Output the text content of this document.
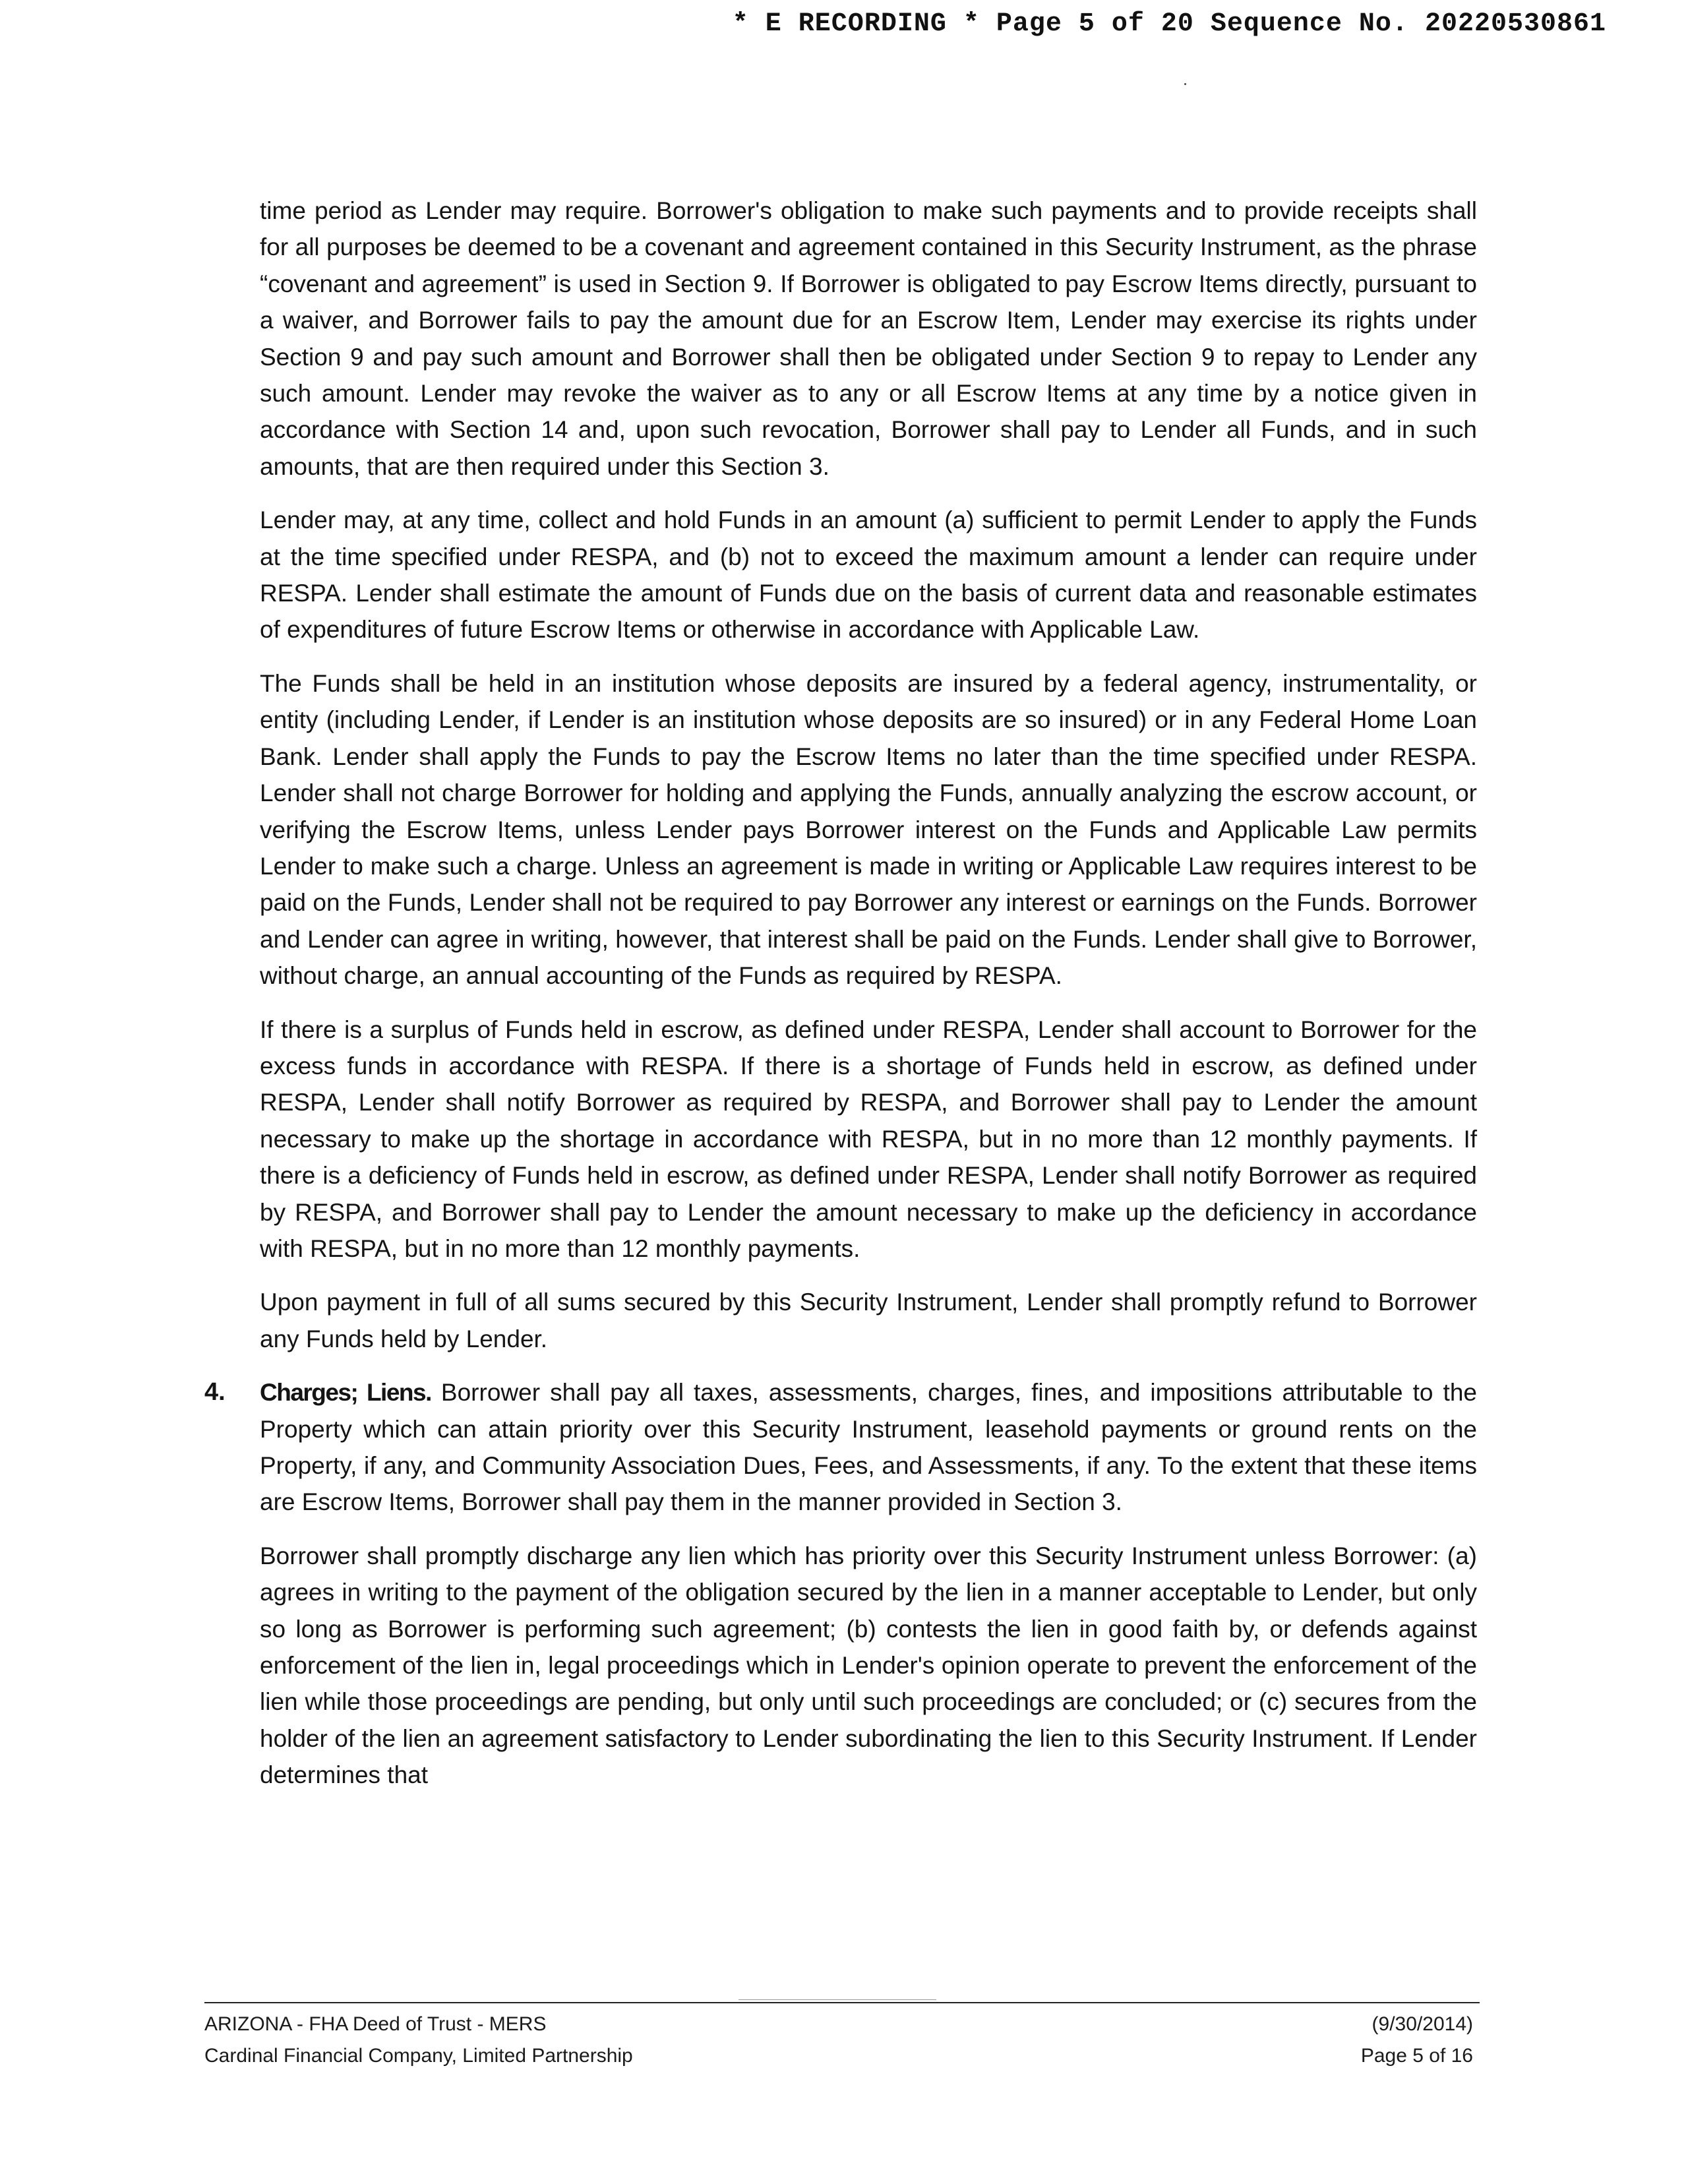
* E RECORDING * Page 5 of 20 Sequence No. 20220530861

time period as Lender may require. Borrower's obligation to make such payments and to provide receipts shall for all purposes be deemed to be a covenant and agreement contained in this Security Instrument, as the phrase “covenant and agreement” is used in Section 9. If Borrower is obligated to pay Escrow Items directly, pursuant to a waiver, and Borrower fails to pay the amount due for an Escrow Item, Lender may exercise its rights under Section 9 and pay such amount and Borrower shall then be obligated under Section 9 to repay to Lender any such amount. Lender may revoke the waiver as to any or all Escrow Items at any time by a notice given in accordance with Section 14 and, upon such revocation, Borrower shall pay to Lender all Funds, and in such amounts, that are then required under this Section 3.

Lender may, at any time, collect and hold Funds in an amount (a) sufficient to permit Lender to apply the Funds at the time specified under RESPA, and (b) not to exceed the maximum amount a lender can require under RESPA. Lender shall estimate the amount of Funds due on the basis of current data and reasonable estimates of expenditures of future Escrow Items or otherwise in accordance with Applicable Law.

The Funds shall be held in an institution whose deposits are insured by a federal agency, instrumentality, or entity (including Lender, if Lender is an institution whose deposits are so insured) or in any Federal Home Loan Bank. Lender shall apply the Funds to pay the Escrow Items no later than the time specified under RESPA. Lender shall not charge Borrower for holding and applying the Funds, annually analyzing the escrow account, or verifying the Escrow Items, unless Lender pays Borrower interest on the Funds and Applicable Law permits Lender to make such a charge. Unless an agreement is made in writing or Applicable Law requires interest to be paid on the Funds, Lender shall not be required to pay Borrower any interest or earnings on the Funds. Borrower and Lender can agree in writing, however, that interest shall be paid on the Funds. Lender shall give to Borrower, without charge, an annual accounting of the Funds as required by RESPA.

If there is a surplus of Funds held in escrow, as defined under RESPA, Lender shall account to Borrower for the excess funds in accordance with RESPA. If there is a shortage of Funds held in escrow, as defined under RESPA, Lender shall notify Borrower as required by RESPA, and Borrower shall pay to Lender the amount necessary to make up the shortage in accordance with RESPA, but in no more than 12 monthly payments. If there is a deficiency of Funds held in escrow, as defined under RESPA, Lender shall notify Borrower as required by RESPA, and Borrower shall pay to Lender the amount necessary to make up the deficiency in accordance with RESPA, but in no more than 12 monthly payments.

Upon payment in full of all sums secured by this Security Instrument, Lender shall promptly refund to Borrower any Funds held by Lender.

4. Charges; Liens. Borrower shall pay all taxes, assessments, charges, fines, and impositions attributable to the Property which can attain priority over this Security Instrument, leasehold payments or ground rents on the Property, if any, and Community Association Dues, Fees, and Assessments, if any. To the extent that these items are Escrow Items, Borrower shall pay them in the manner provided in Section 3.

Borrower shall promptly discharge any lien which has priority over this Security Instrument unless Borrower: (a) agrees in writing to the payment of the obligation secured by the lien in a manner acceptable to Lender, but only so long as Borrower is performing such agreement; (b) contests the lien in good faith by, or defends against enforcement of the lien in, legal proceedings which in Lender's opinion operate to prevent the enforcement of the lien while those proceedings are pending, but only until such proceedings are concluded; or (c) secures from the holder of the lien an agreement satisfactory to Lender subordinating the lien to this Security Instrument. If Lender determines that

ARIZONA - FHA Deed of Trust - MERS
Cardinal Financial Company, Limited Partnership
(9/30/2014)
Page 5 of 16
